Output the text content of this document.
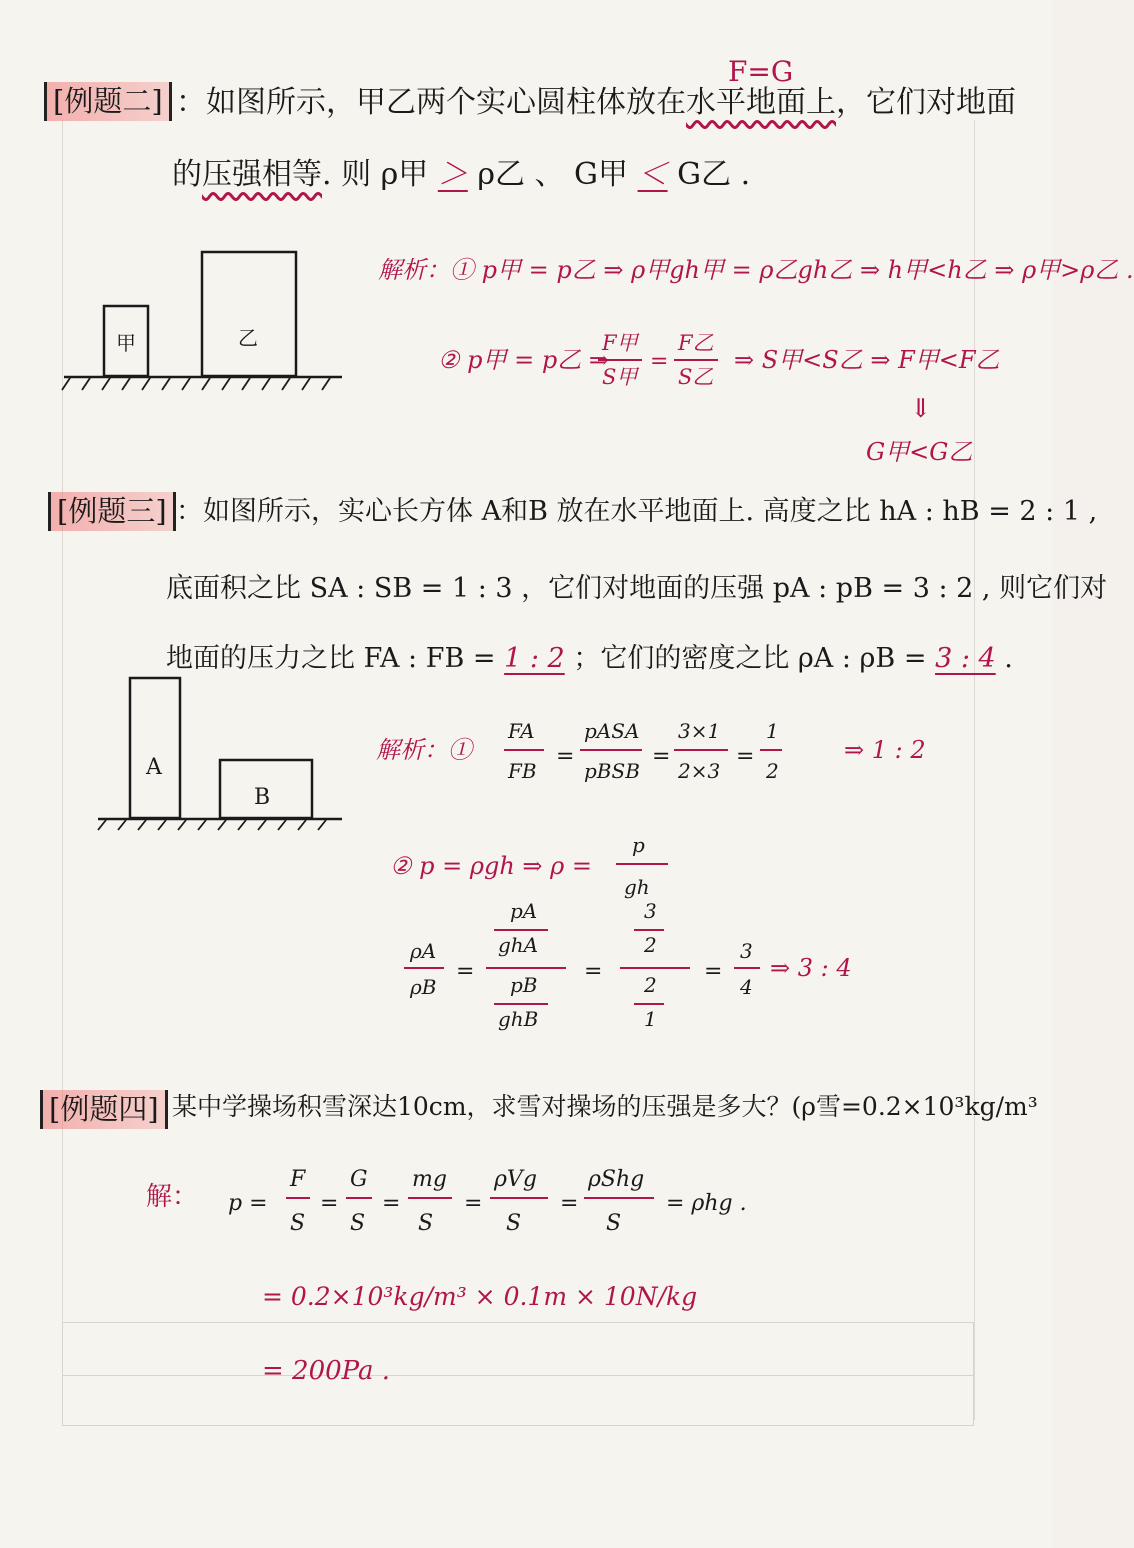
[例题二]
F=G
：如图所示，甲乙两个实心圆柱体放在水平地面上，它们对地面
的压强相等. 则 ρ甲 ＞ ρ乙 、 G甲 ＜ G乙 .
甲	乙
解析：① p甲 = p乙 ⇒ ρ甲gh甲 = ρ乙gh乙 ⇒ h甲<h乙 ⇒ ρ甲>ρ乙 .
② p甲 = p乙 ⇒
F甲
S甲
=
F乙
S乙
⇒ S甲<S乙 ⇒ F甲<F乙
⇓
G甲<G乙
[例题三] ：如图所示，实心长方体 A和B 放在水平地面上. 高度之比 hA : hB = 2 : 1 ,
底面积之比 SA : SB = 1 : 3 ，它们对地面的压强 pA : pB = 3 : 2 , 则它们对
地面的压力之比 FA : FB = 1 : 2 ；它们的密度之比 ρA : ρB = 3 : 4 .
A
B
解析：①
FA
FB
=
pASA
pBSB
=
3×1
2×3
=
1
2
⇒ 1 : 2
② p = ρgh ⇒ ρ =
p
gh
ρA
ρB
=
pA
ghA
pB
ghB
=
3
2
2
1
=
3
4
⇒ 3 : 4
[例题四] 某中学操场积雪深达10cm，求雪对操场的压强是多大？(ρ雪=0.2×10³kg/m³
解： p =
F
S
=
G
S
=
mg
S
=
ρVg
S
=
ρShg
S
= ρhg .
= 0.2×10³kg/m³ × 0.1m × 10N/kg
= 200Pa .
